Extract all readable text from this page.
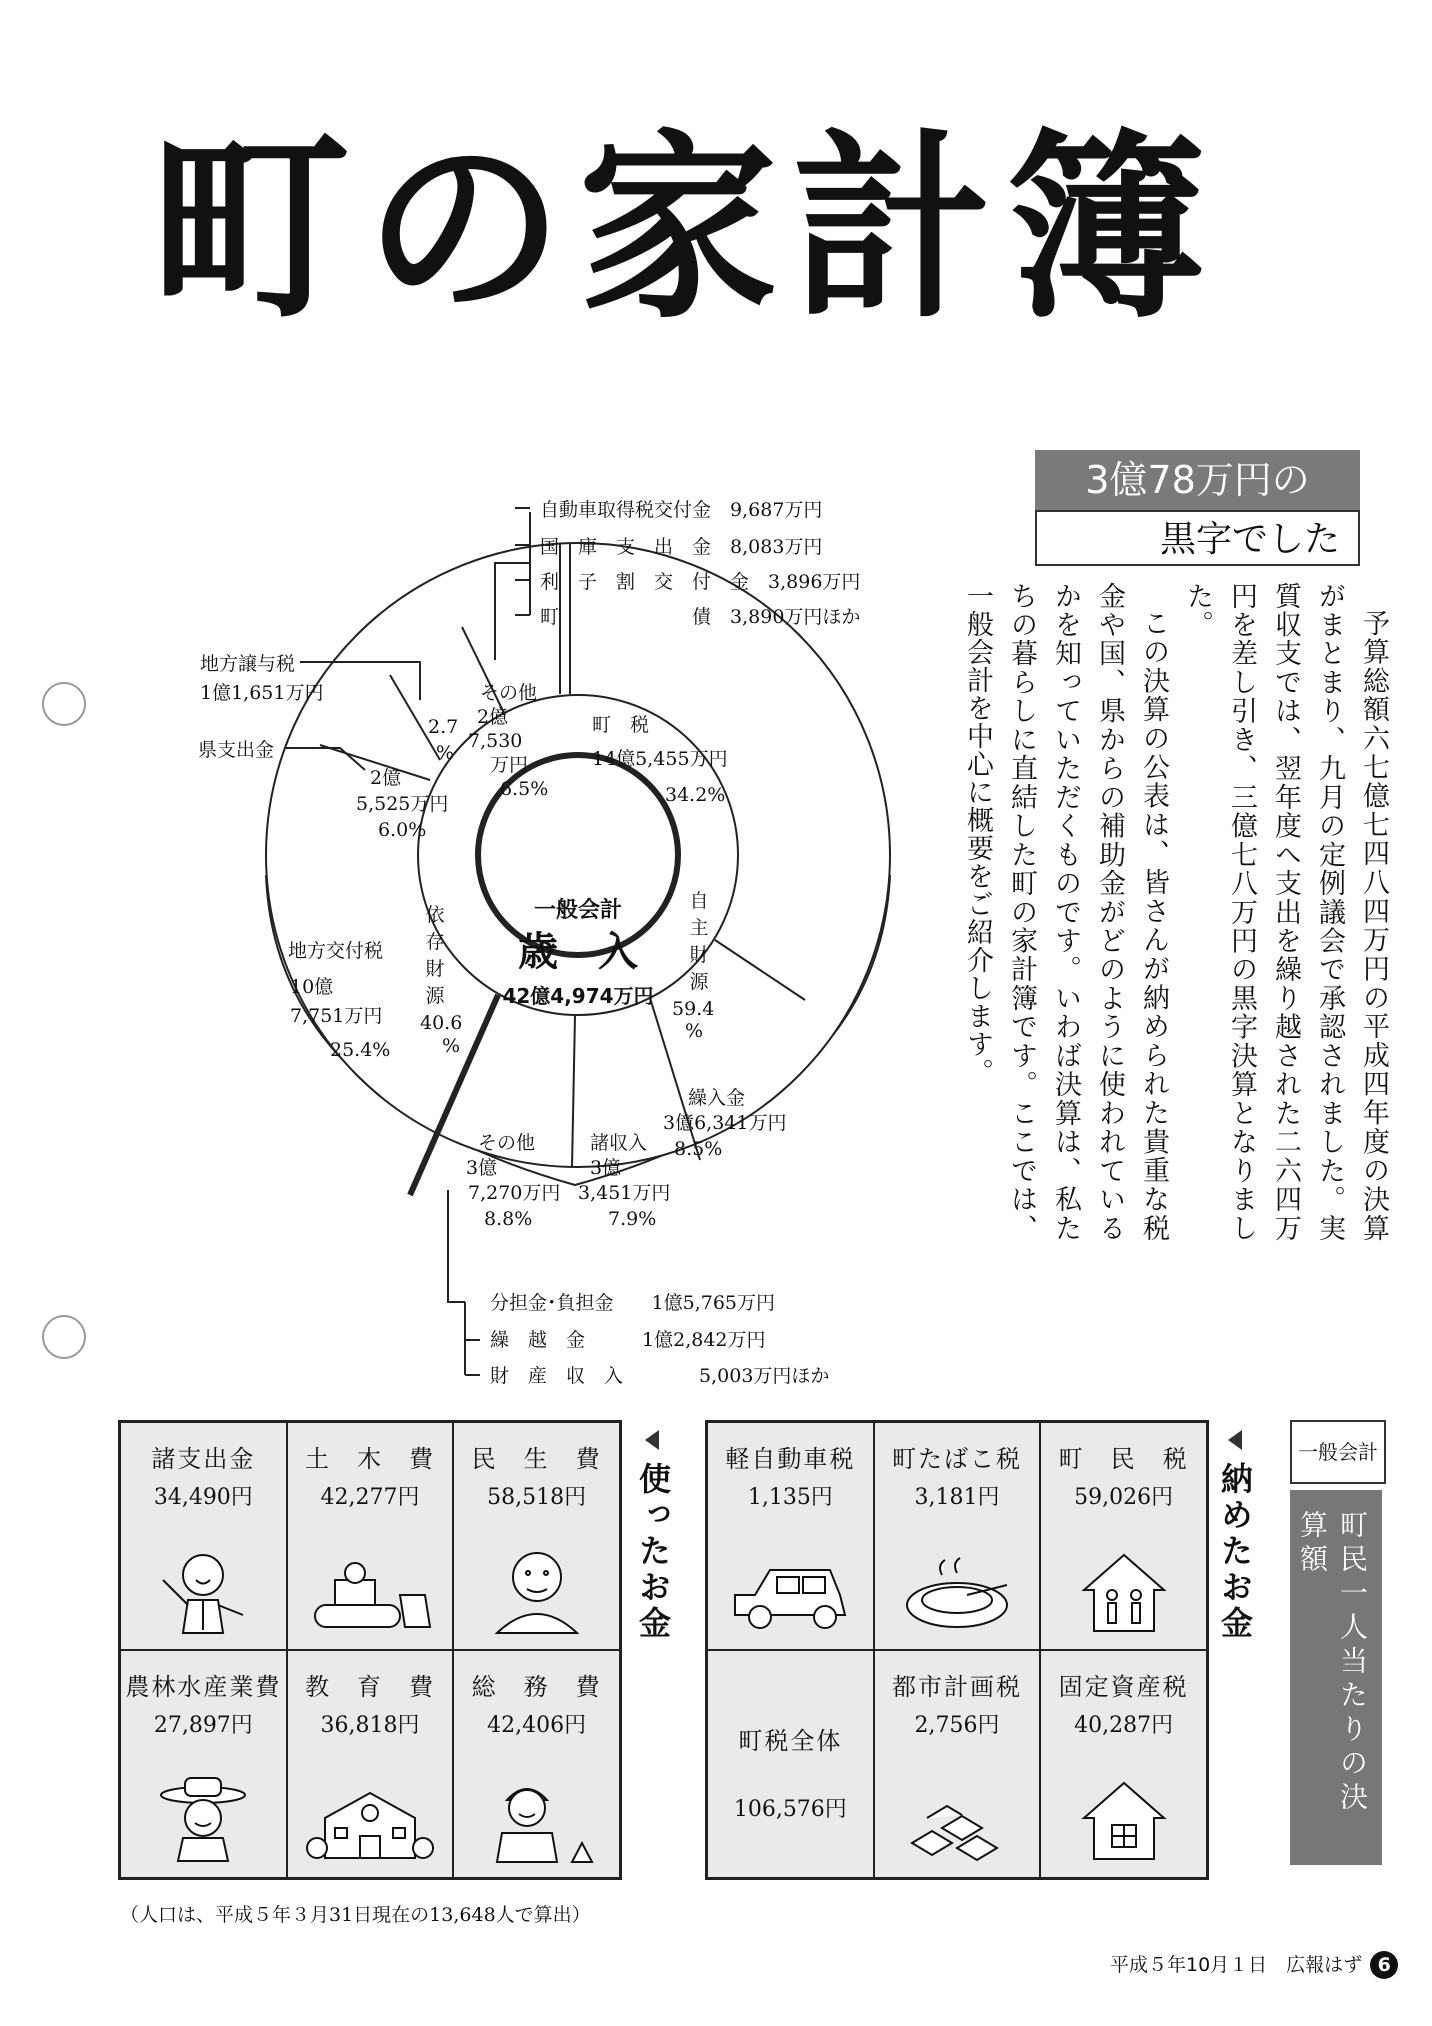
町の家計簿
3億78万円の
黒字でした

予算総額六七億七四八四万円の平成四年度の決算がまとまり、九月の定例議会で承認されました。実質収支では、翌年度へ支出を繰り越された二六四万円を差し引き、三億七八万円の黒字決算となりました。

この決算の公表は、皆さんが納められた貴重な税金や国、県からの補助金がどのように使われているかを知っていただくものです。いわば決算は、私たちの暮らしに直結した町の家計簿です。ここでは、一般会計を中心に概要をご紹介します。

自動車取得税交付金　 9,687万円
国　庫　支　出　金　 8,083万円
利　子　割　交　付　金　 3,896万円
町　　　　　　　債　 3,890万円ほか
地方譲与税
1億1,651万円
県支出金
2.7
%
その他
2億
7,530
万円
6.5%
町　税
14億5,455万円
34.2%
2億
5,525万円
6.0%
地方交付税
10億
7,751万円
25.4%
依
存
財
源
40.6
%
自
主
財
源
59.4
%
一般会計
歳　入
42億4,974万円
繰入金
3億6,341万円
8.5%
諸収入
3億
3,451万円
7.9%
その他
3億
7,270万円
8.8%
分担金･負担金　　 1億5,765万円
繰　越　金　　　	1億2,842万円
財　産　収　入　　　　	5,003万円ほか
諸支出金
34,490円
土　木　費
42,277円
民　生　費
58,518円
農林水産業費
27,897円
教　育　費
36,818円
総　務　費
42,406円
使ったお金
軽自動車税
1,135円
町たばこ税
3,181円
町　民　税
59,026円
町税全体
106,576円
都市計画税
2,756円
固定資産税
40,287円
納めたお金
一般会計
町民一人当たりの決算額
（人口は、平成５年３月31日現在の13,648人で算出）
平成５年10月１日　広報はず 6
